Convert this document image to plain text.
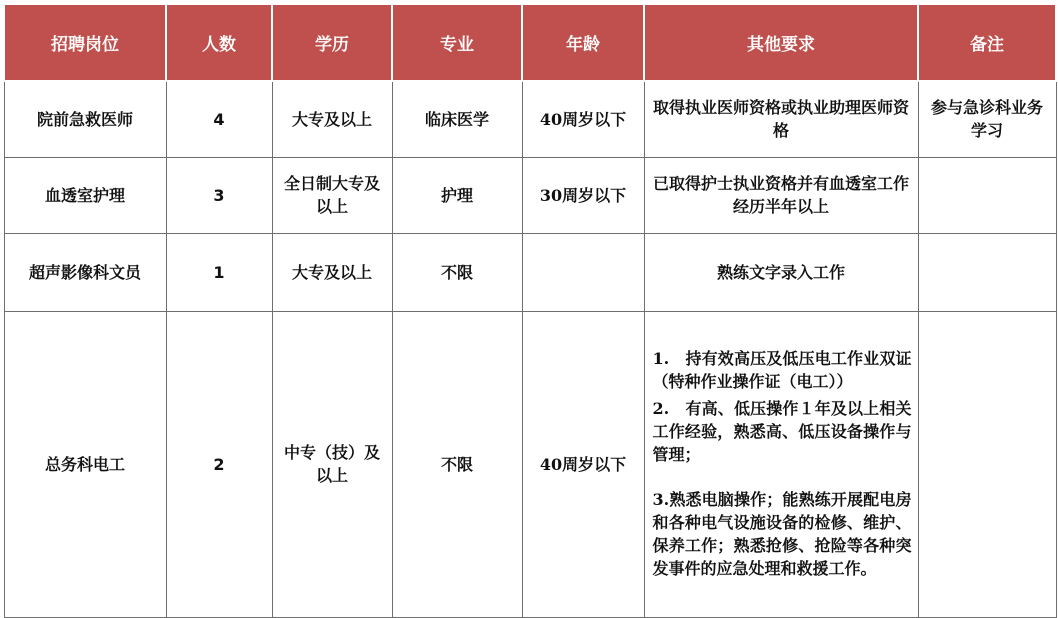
招聘岗位	人数	学历	专业	年龄	其他要求	备注
院前急救医师	4	大专及以上	临床医学	40周岁以下	取得执业医师资格或执业助理医师资格	参与急诊科业务学习
血透室护理	3	全日制大专及以上	护理	30周岁以下	已取得护士执业资格并有血透室工作经历半年以上	
超声影像科文员	1	大专及以上	不限		熟练文字录入工作	
总务科电工	2	中专（技）及以上	不限	40周岁以下	1.　持有效高压及低压电工作业双证（特种作业操作证（电工））
2.　有高、低压操作１年及以上相关工作经验，熟悉高、低压设备操作与管理；
3.熟悉电脑操作；能熟练开展配电房和各种电气设施设备的检修、维护、保养工作；熟悉抢修、抢险等各种突发事件的应急处理和救援工作。	
